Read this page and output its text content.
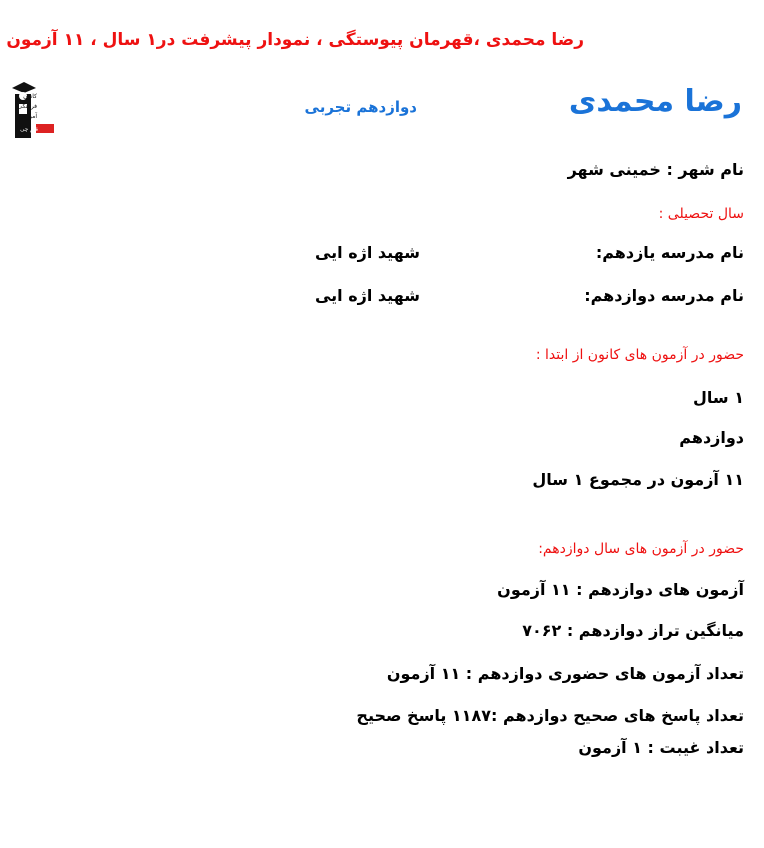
رضا محمدی ،قهرمان پیوستگی ، نمودار پیشرفت در۱ سال ، ۱۱ آزمون
رضا محمدی
دوازدهم تجربی
کانون
فرهنگی
آموزش
قلم چی
نام شهر : خمینی شهر
سال تحصیلی :
نام مدرسه یازدهم:
شهید اژه ایی
نام مدرسه دوازدهم:
شهید اژه ایی
حضور در آزمون های کانون از ابتدا :
۱ سال
دوازدهم
۱۱ آزمون در مجموع ۱ سال
حضور در آزمون های سال دوازدهم:
آزمون های دوازدهم : ۱۱ آزمون
میانگین تراز دوازدهم : ۷۰۶۲
تعداد آزمون های حضوری دوازدهم : ۱۱ آزمون
تعداد پاسخ های صحیح دوازدهم :۱۱۸۷ پاسخ صحیح
تعداد غیبت : ۱ آزمون
